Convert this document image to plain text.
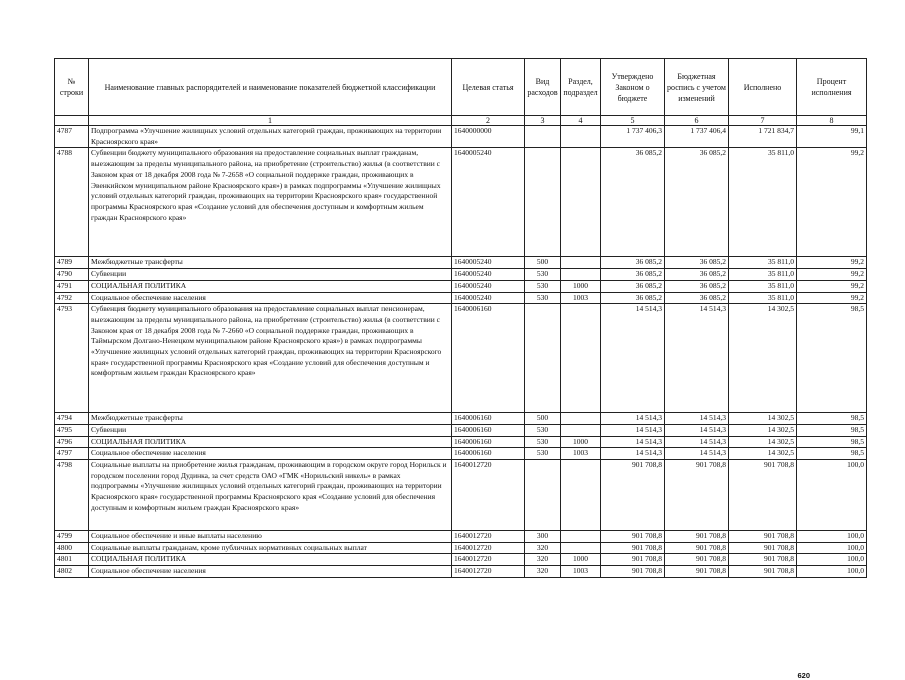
№ строки	Наименование главных распорядителей и наименование показателей бюджетной классификации	Целевая статья	Вид расходов	Раздел, подраздел	Утверждено Законом о бюджете	Бюджетная роспись с учетом изменений	Исполнено	Процент исполнения
	1	2	3	4	5	6	7	8
4787	Подпрограмма «Улучшение жилищных условий отдельных категорий граждан, проживающих на территории Красноярского края»	1640000000			1 737 406,3	1 737 406,4	1 721 834,7	99,1
4788	Субвенции бюджету муниципального образования на предоставление социальных выплат гражданам, выезжающим за пределы муниципального района, на приобретение (строительство) жилья (в соответствии с Законом края от 18 декабря 2008 года № 7-2658 «О социальной поддержке граждан, проживающих в Эвенкийском муниципальном районе Красноярского края») в рамках подпрограммы «Улучшение жилищных условий отдельных категорий граждан, проживающих на территории Красноярского края» государственной программы Красноярского края «Создание условий для обеспечения доступным и комфортным жильем граждан Красноярского края»	1640005240			36 085,2	36 085,2	35 811,0	99,2
4789	Межбюджетные трансферты	1640005240	500		36 085,2	36 085,2	35 811,0	99,2
4790	Субвенции	1640005240	530		36 085,2	36 085,2	35 811,0	99,2
4791	СОЦИАЛЬНАЯ ПОЛИТИКА	1640005240	530	1000	36 085,2	36 085,2	35 811,0	99,2
4792	Социальное обеспечение населения	1640005240	530	1003	36 085,2	36 085,2	35 811,0	99,2
4793	Субвенция бюджету муниципального образования на предоставление социальных выплат пенсионерам, выезжающим за пределы муниципального района, на приобретение (строительство) жилья (в соответствии с Законом края от 18 декабря 2008 года № 7-2660 «О социальной поддержке граждан, проживающих в Таймырском Долгано-Ненецком муниципальном районе Красноярского края») в рамках подпрограммы «Улучшение жилищных условий отдельных категорий граждан, проживающих на территории Красноярского края» государственной программы Красноярского края «Создание условий для обеспечения доступным и комфортным жильем граждан Красноярского края»	1640006160			14 514,3	14 514,3	14 302,5	98,5
4794	Межбюджетные трансферты	1640006160	500		14 514,3	14 514,3	14 302,5	98,5
4795	Субвенции	1640006160	530		14 514,3	14 514,3	14 302,5	98,5
4796	СОЦИАЛЬНАЯ ПОЛИТИКА	1640006160	530	1000	14 514,3	14 514,3	14 302,5	98,5
4797	Социальное обеспечение населения	1640006160	530	1003	14 514,3	14 514,3	14 302,5	98,5
4798	Социальные выплаты на приобретение жилья гражданам, проживающим в городском округе город Норильск и городском поселении город Дудинка, за счет средств ОАО «ГМК «Норильский никель» в рамках подпрограммы «Улучшение жилищных условий отдельных категорий граждан, проживающих на территории Красноярского края» государственной программы Красноярского края «Создание условий для обеспечения доступным и комфортным жильем граждан Красноярского края»	1640012720			901 708,8	901 708,8	901 708,8	100,0
4799	Социальное обеспечение и иные выплаты населению	1640012720	300		901 708,8	901 708,8	901 708,8	100,0
4800	Социальные выплаты гражданам, кроме публичных нормативных социальных выплат	1640012720	320		901 708,8	901 708,8	901 708,8	100,0
4801	СОЦИАЛЬНАЯ ПОЛИТИКА	1640012720	320	1000	901 708,8	901 708,8	901 708,8	100,0
4802	Социальное обеспечение населения	1640012720	320	1003	901 708,8	901 708,8	901 708,8	100,0
620
